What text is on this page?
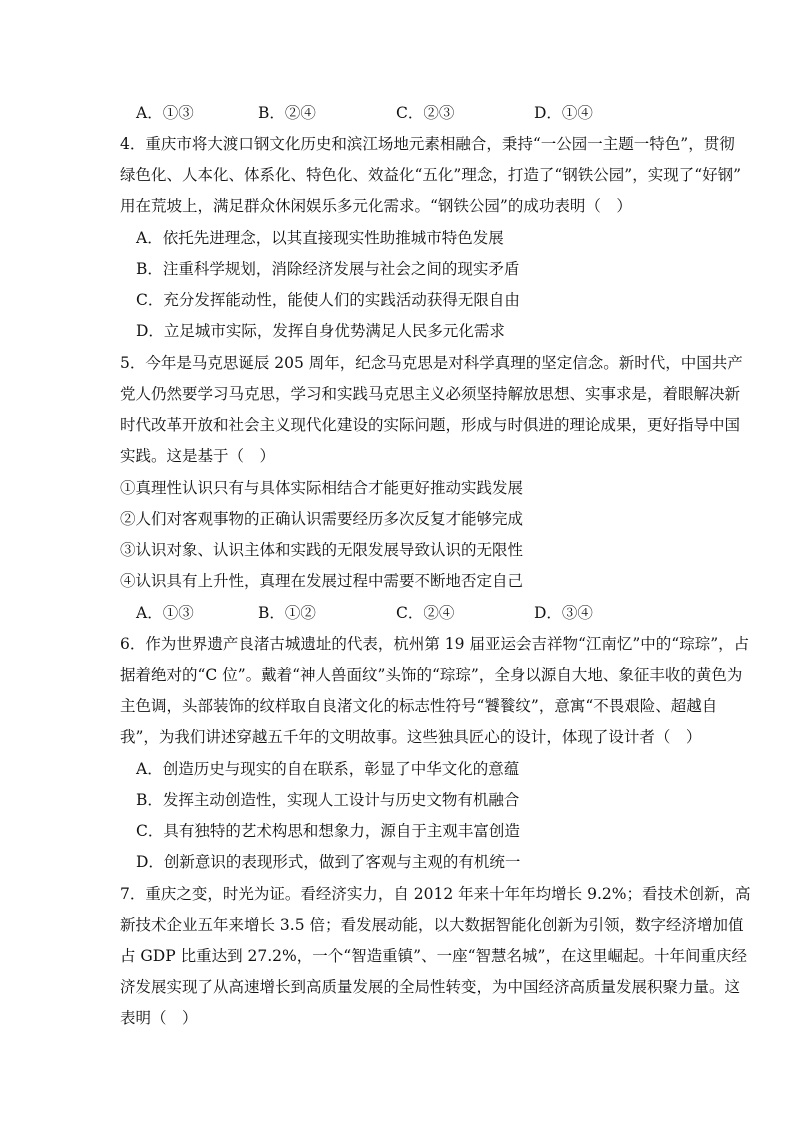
A．①③	B．②④	C．②③	D．①④
4．重庆市将大渡口钢文化历史和滨江场地元素相融合，秉持“一公园一主题一特色”，贯彻
绿色化、人本化、体系化、特色化、效益化“五化”理念，打造了“钢铁公园”，实现了“好钢”
用在荒坡上，满足群众休闲娱乐多元化需求。“钢铁公园”的成功表明（　）
A．依托先进理念，以其直接现实性助推城市特色发展
B．注重科学规划，消除经济发展与社会之间的现实矛盾
C．充分发挥能动性，能使人们的实践活动获得无限自由
D．立足城市实际，发挥自身优势满足人民多元化需求
5．今年是马克思诞辰 205 周年，纪念马克思是对科学真理的坚定信念。新时代，中国共产
党人仍然要学习马克思，学习和实践马克思主义必须坚持解放思想、实事求是，着眼解决新
时代改革开放和社会主义现代化建设的实际问题，形成与时俱进的理论成果，更好指导中国
实践。这是基于（　）
①真理性认识只有与具体实际相结合才能更好推动实践发展
②人们对客观事物的正确认识需要经历多次反复才能够完成
③认识对象、认识主体和实践的无限发展导致认识的无限性
④认识具有上升性，真理在发展过程中需要不断地否定自己
A．①③	B．①②	C．②④	D．③④
6．作为世界遗产良渚古城遗址的代表，杭州第 19 届亚运会吉祥物“江南忆”中的“琮琮”，占
据着绝对的“C 位”。戴着“神人兽面纹”头饰的“琮琮”，全身以源自大地、象征丰收的黄色为
主色调，头部装饰的纹样取自良渚文化的标志性符号“饕餮纹”，意寓“不畏艰险、超越自
我”，为我们讲述穿越五千年的文明故事。这些独具匠心的设计，体现了设计者（　）
A．创造历史与现实的自在联系，彰显了中华文化的意蕴
B．发挥主动创造性，实现人工设计与历史文物有机融合
C．具有独特的艺术构思和想象力，源自于主观丰富创造
D．创新意识的表现形式，做到了客观与主观的有机统一
7．重庆之变，时光为证。看经济实力，自 2012 年来十年年均增长 9.2%；看技术创新，高
新技术企业五年来增长 3.5 倍；看发展动能，以大数据智能化创新为引领，数字经济增加值
占 GDP 比重达到 27.2%，一个“智造重镇”、一座“智慧名城”，在这里崛起。十年间重庆经
济发展实现了从高速增长到高质量发展的全局性转变，为中国经济高质量发展积聚力量。这
表明（　）
